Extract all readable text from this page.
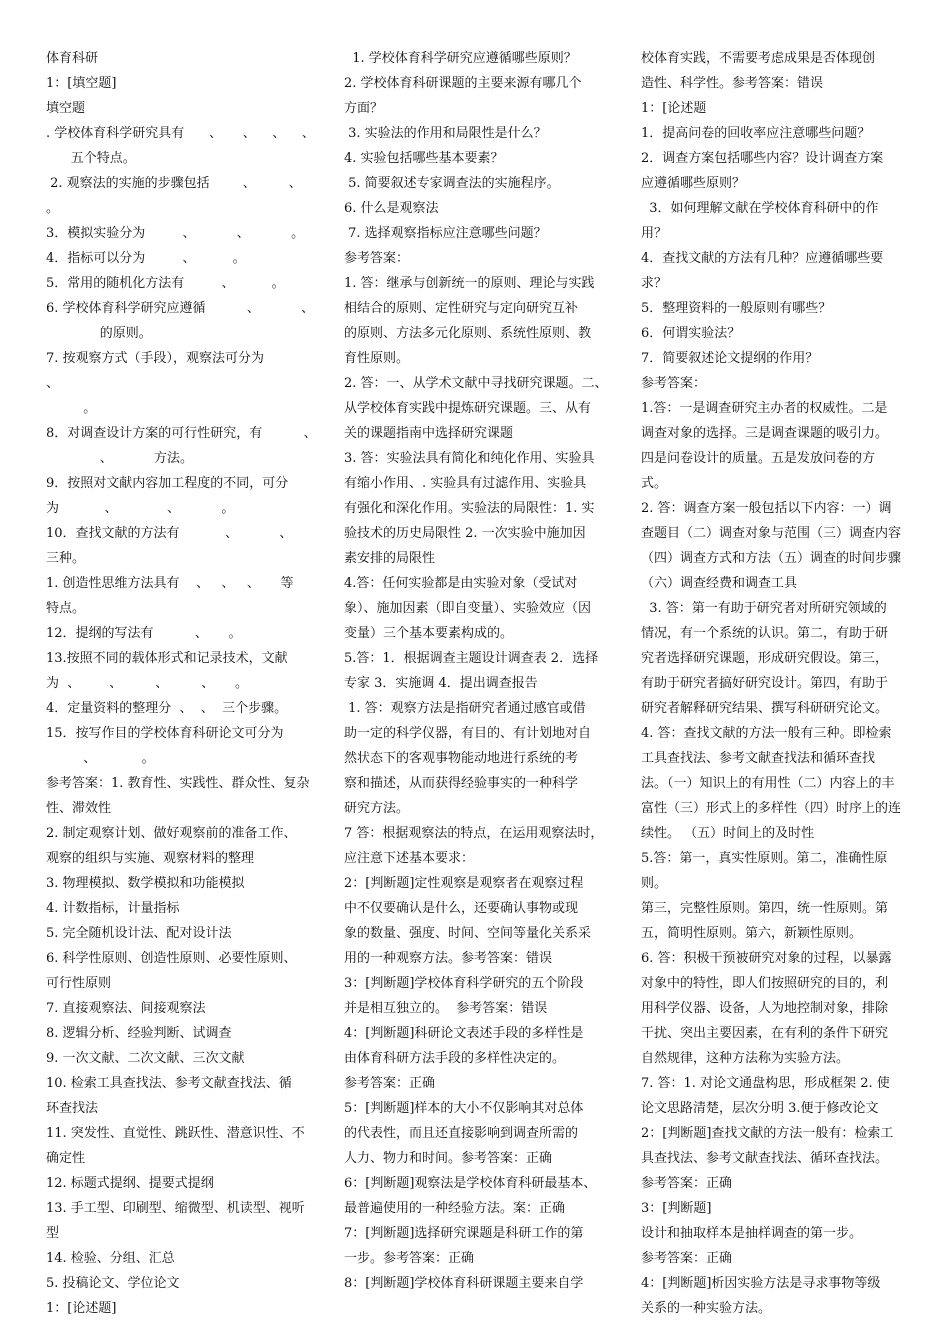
体育科研
1：[填空题]
填空题
. 学校体育科学研究具有      、     、    、    、
五个特点。
2. 观察法的实施的步骤包括        、        、
。
3．模拟实验分为         、          、          。
4．指标可以分为         、         。
5．常用的随机化方法有         、         。
6. 学校体育科学研究应遵循          、          、
的原则。
7. 按观察方式（手段），观察法可分为          、
。
8．对调查设计方案的可行性研究，有          、
、          方法。
9．按照对文献内容加工程度的不同，可分
为           、            、          。
10．查找文献的方法有           、          、
三种。
1. 创造性思维方法具有    、   、   、     等
特点。
12．提纲的写法有          、     。
13.按照不同的载体形式和记录技术，文献
为  、       、        、        、     。
4．定量资料的整理分  、  、  三个步骤。
15．按写作目的学校体育科研论文可分为
、           。
参考答案：1. 教育性、实践性、群众性、复杂
性、滞效性
2. 制定观察计划、做好观察前的准备工作、
观察的组织与实施、观察材料的整理
3. 物理模拟、数学模拟和功能模拟
4. 计数指标，计量指标
5. 完全随机设计法、配对设计法
6. 科学性原则、创造性原则、必要性原则、
可行性原则
7. 直接观察法、间接观察法
8. 逻辑分析、经验判断、试调查
9. 一次文献、二次文献、三次文献
10. 检索工具查找法、参考文献查找法、循
环查找法
11. 突发性、直觉性、跳跃性、潜意识性、不
确定性
12. 标题式提纲、提要式提纲
13. 手工型、印刷型、缩微型、机读型、视听
型
14. 检验、分组、汇总
5. 投稿论文、学位论文
1：[论述题]
1. 学校体育科学研究应遵循哪些原则？
2. 学校体育科研课题的主要来源有哪几个
方面？
3. 实验法的作用和局限性是什么？
4. 实验包括哪些基本要素？
5. 简要叙述专家调查法的实施程序。
6. 什么是观察法
7. 选择观察指标应注意哪些问题？
参考答案：
1. 答：继承与创新统一的原则、理论与实践
相结合的原则、定性研究与定向研究互补
的原则、方法多元化原则、系统性原则、教
育性原则。
2. 答：一、从学术文献中寻找研究课题。二、
从学校体育实践中提炼研究课题。三、从有
关的课题指南中选择研究课题
3. 答：实验法具有简化和纯化作用、实验具
有缩小作用、. 实验具有过滤作用、实验具
有强化和深化作用。实验法的局限性：1. 实
验技术的历史局限性 2. 一次实验中施加因
素安排的局限性
4.答：任何实验都是由实验对象（受试对
象）、施加因素（即自变量）、实验效应（因
变量）三个基本要素构成的。
5.答：1．根据调查主题设计调查表 2．选择
专家 3．实施调 4．提出调查报告
1. 答：观察方法是指研究者通过感官或借
助一定的科学仪器，有目的、有计划地对自
然状态下的客观事物能动地进行系统的考
察和描述，从而获得经验事实的一种科学
研究方法。
7 答：根据观察法的特点，在运用观察法时，
应注意下述基本要求：
2：[判断题]定性观察是观察者在观察过程
中不仅要确认是什么，还要确认事物或现
象的数量、强度、时间、空间等量化关系采
用的一种观察方法。参考答案：错误
3：[判断题]学校体育科学研究的五个阶段
并是相互独立的。  参考答案：错误
4：[判断题]科研论文表述手段的多样性是
由体育科研方法手段的多样性决定的。
参考答案：正确
5：[判断题]样本的大小不仅影响其对总体
的代表性，而且还直接影响到调查所需的
人力、物力和时间。参考答案：正确
6：[判断题]观察法是学校体育科研最基本、
最普遍使用的一种经验方法。案：正确
7：[判断题]选择研究课题是科研工作的第
一步。参考答案：正确
8：[判断题]学校体育科研课题主要来自学
校体育实践，不需要考虑成果是否体现创
造性、科学性。参考答案：错误
1：[论述题
1．提高问卷的回收率应注意哪些问题？
2．调查方案包括哪些内容？设计调查方案
应遵循哪些原则？
3．如何理解文献在学校体育科研中的作
用？
4．查找文献的方法有几种？应遵循哪些要
求？
5．整理资料的一般原则有哪些？
6．何谓实验法？
7．简要叙述论文提纲的作用？
参考答案：
1.答：一是调查研究主办者的权威性。二是
调查对象的选择。三是调查课题的吸引力。
四是问卷设计的质量。五是发放问卷的方
式。
2. 答：调查方案一般包括以下内容：一）调
查题目（二）调查对象与范围（三）调查内容
（四）调查方式和方法（五）调查的时间步骤
（六）调查经费和调查工具
3. 答：第一有助于研究者对所研究领域的
情况，有一个系统的认识。第二，有助于研
究者选择研究课题，形成研究假设。第三，
有助于研究者搞好研究设计。第四，有助于
研究者解释研究结果、撰写科研研究论文。
4. 答：查找文献的方法一般有三种。即检索
工具查找法、参考文献查找法和循环查找
法。（一）知识上的有用性（二）内容上的丰
富性（三）形式上的多样性（四）时序上的连
续性。 （五）时间上的及时性
5.答：第一，真实性原则。第二，准确性原则。
第三，完整性原则。第四，统一性原则。第
五，简明性原则。第六，新颖性原则。
6. 答：积极干预被研究对象的过程，以暴露
对象中的特性，即人们按照研究的目的，利
用科学仪器、设备，人为地控制对象，排除
干扰、突出主要因素，在有利的条件下研究
自然规律，这种方法称为实验方法。
7. 答：1. 对论文通盘构思，形成框架 2. 使
论文思路清楚，层次分明 3.便于修改论文
2：[判断题]查找文献的方法一般有：检索工
具查找法、参考文献查找法、循环查找法。
参考答案：正确
3：[判断题]
设计和抽取样本是抽样调查的第一步。
参考答案：正确
4：[判断题]析因实验方法是寻求事物等级
关系的一种实验方法。
